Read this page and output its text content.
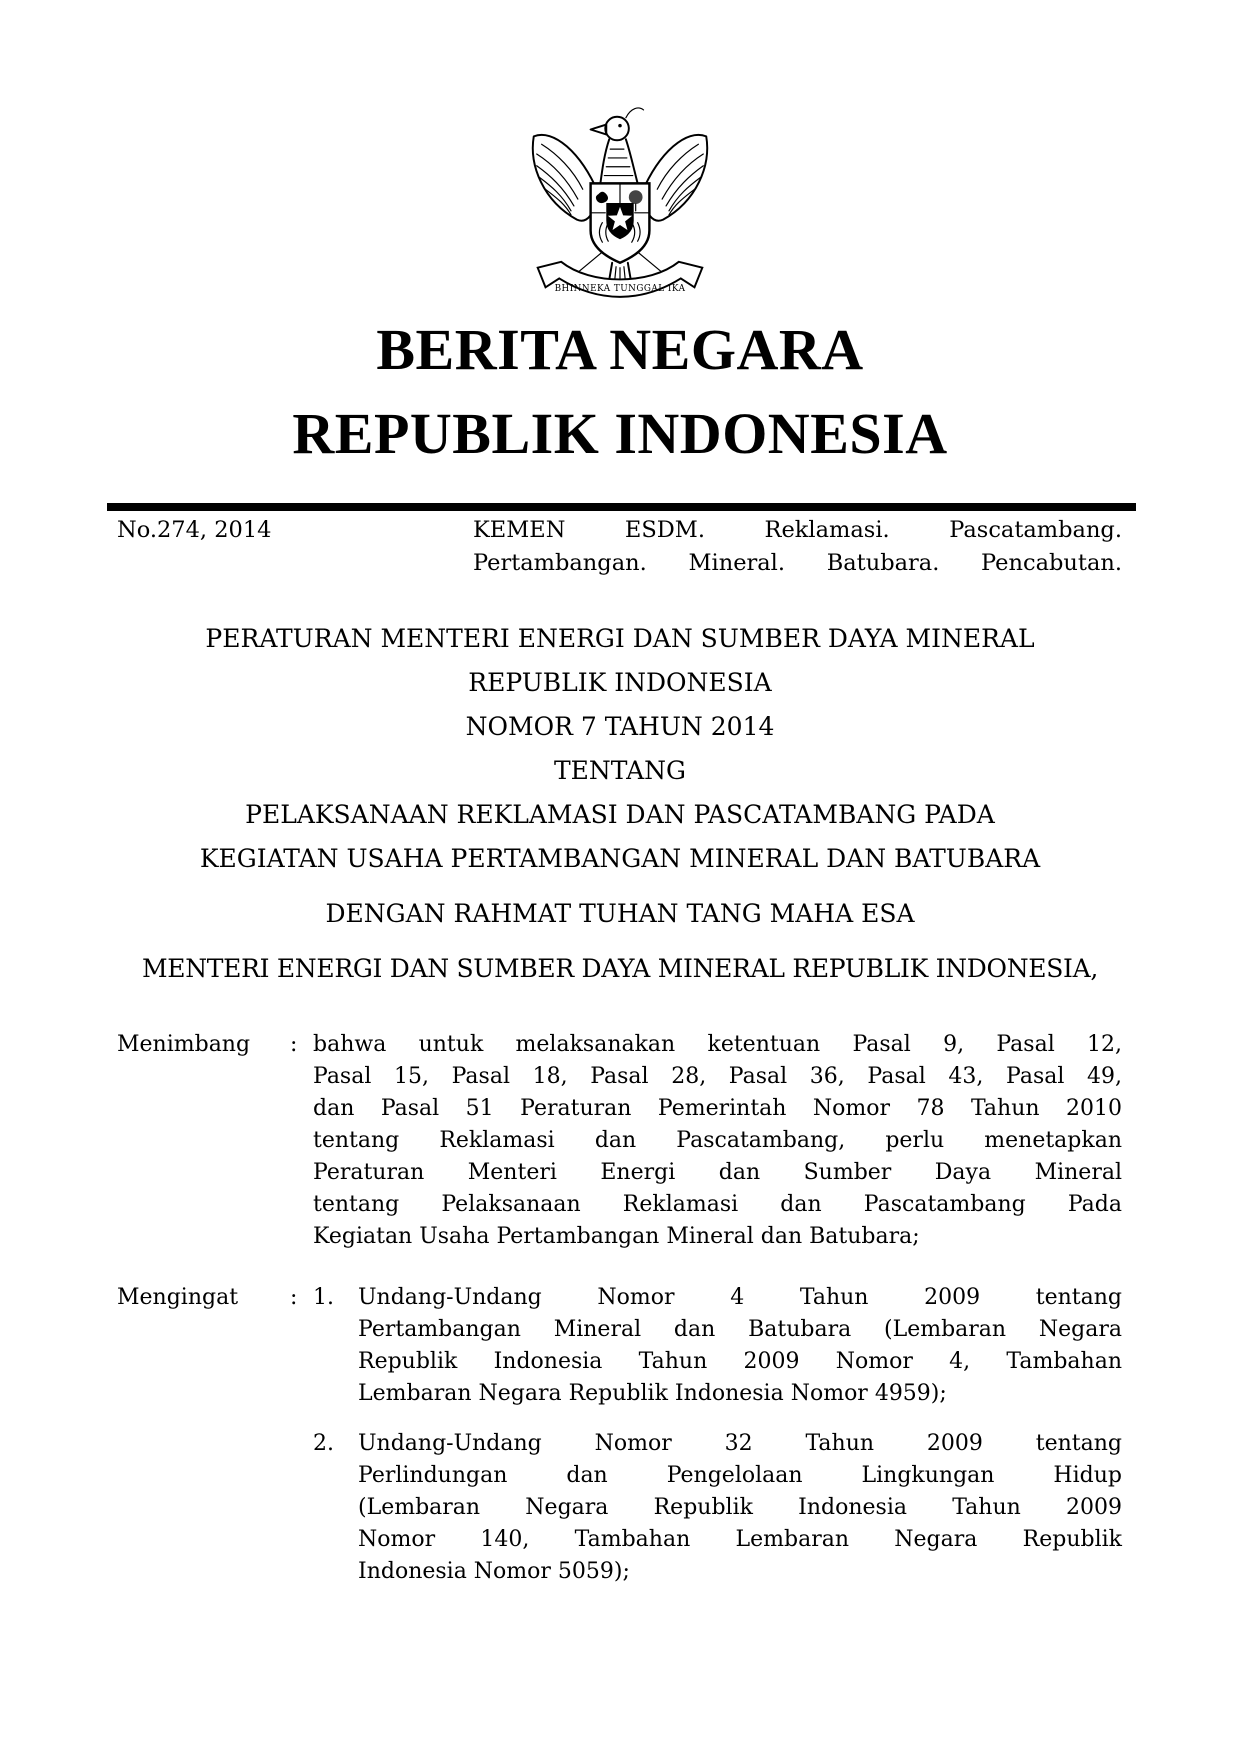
BHINNEKA TUNGGAL IKA
BERITA NEGARA
REPUBLIK INDONESIA
No.274, 2014	KEMEN ESDM. Reklamasi. Pascatambang.
Pertambangan. Mineral. Batubara. Pencabutan.
PERATURAN MENTERI ENERGI DAN SUMBER DAYA MINERAL
REPUBLIK INDONESIA
NOMOR 7 TAHUN 2014
TENTANG
PELAKSANAAN REKLAMASI DAN PASCATAMBANG PADA
KEGIATAN USAHA PERTAMBANGAN MINERAL DAN BATUBARA
DENGAN RAHMAT TUHAN TANG MAHA ESA
MENTERI ENERGI DAN SUMBER DAYA MINERAL REPUBLIK INDONESIA,
Menimbang	: bahwa untuk melaksanakan ketentuan Pasal 9, Pasal 12,
Pasal 15, Pasal 18, Pasal 28, Pasal 36, Pasal 43, Pasal 49,
dan Pasal 51 Peraturan Pemerintah Nomor 78 Tahun 2010
tentang Reklamasi dan Pascatambang, perlu menetapkan
Peraturan Menteri Energi dan Sumber Daya Mineral
tentang Pelaksanaan Reklamasi dan Pascatambang Pada
Kegiatan Usaha Pertambangan Mineral dan Batubara;
Mengingat	: 1.	Undang-Undang Nomor 4 Tahun 2009 tentang
Pertambangan Mineral dan Batubara (Lembaran Negara
Republik Indonesia Tahun 2009 Nomor 4, Tambahan
Lembaran Negara Republik Indonesia Nomor 4959);
2.	Undang-Undang Nomor 32 Tahun 2009 tentang
Perlindungan dan Pengelolaan Lingkungan Hidup
(Lembaran Negara Republik Indonesia Tahun 2009
Nomor 140, Tambahan Lembaran Negara Republik
Indonesia Nomor 5059);
